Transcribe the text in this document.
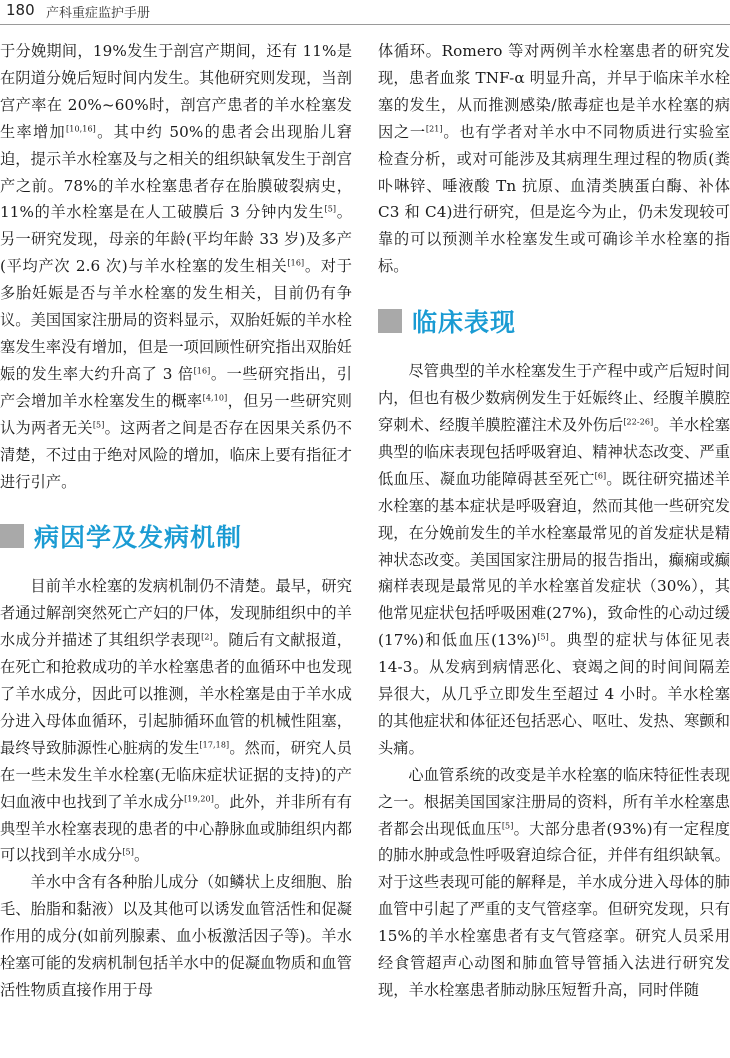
180 产科重症监护手册

于分娩期间，19%发生于剖宫产期间，还有 11%是在阴道分娩后短时间内发生。其他研究则发现，当剖宫产率在 20%~60%时，剖宫产患者的羊水栓塞发生率增加[10,16]。其中约 50%的患者会出现胎儿窘迫，提示羊水栓塞及与之相关的组织缺氧发生于剖宫产之前。78%的羊水栓塞患者存在胎膜破裂病史，11%的羊水栓塞是在人工破膜后 3 分钟内发生[5]。另一研究发现，母亲的年龄(平均年龄 33 岁)及多产(平均产次 2.6 次)与羊水栓塞的发生相关[16]。对于多胎妊娠是否与羊水栓塞的发生相关，目前仍有争议。美国国家注册局的资料显示，双胎妊娠的羊水栓塞发生率没有增加，但是一项回顾性研究指出双胎妊娠的发生率大约升高了 3 倍[16]。一些研究指出，引产会增加羊水栓塞发生的概率[4,10]，但另一些研究则认为两者无关[5]。这两者之间是否存在因果关系仍不清楚，不过由于绝对风险的增加，临床上要有指征才进行引产。

病因学及发病机制

目前羊水栓塞的发病机制仍不清楚。最早，研究者通过解剖突然死亡产妇的尸体，发现肺组织中的羊水成分并描述了其组织学表现[2]。随后有文献报道，在死亡和抢救成功的羊水栓塞患者的血循环中也发现了羊水成分，因此可以推测，羊水栓塞是由于羊水成分进入母体血循环，引起肺循环血管的机械性阻塞，最终导致肺源性心脏病的发生[17,18]。然而，研究人员在一些未发生羊水栓塞(无临床症状证据的支持)的产妇血液中也找到了羊水成分[19,20]。此外，并非所有有典型羊水栓塞表现的患者的中心静脉血或肺组织内都可以找到羊水成分[5]。

羊水中含有各种胎儿成分（如鳞状上皮细胞、胎毛、胎脂和黏液）以及其他可以诱发血管活性和促凝作用的成分(如前列腺素、血小板激活因子等)。羊水栓塞可能的发病机制包括羊水中的促凝血物质和血管活性物质直接作用于母

体循环。Romero 等对两例羊水栓塞患者的研究发现，患者血浆 TNF-α 明显升高，并早于临床羊水栓塞的发生，从而推测感染/脓毒症也是羊水栓塞的病因之一[21]。也有学者对羊水中不同物质进行实验室检查分析，或对可能涉及其病理生理过程的物质(粪卟啉锌、唾液酸 Tn 抗原、血清类胰蛋白酶、补体 C3 和 C4)进行研究，但是迄今为止，仍未发现较可靠的可以预测羊水栓塞发生或可确诊羊水栓塞的指标。

临床表现

尽管典型的羊水栓塞发生于产程中或产后短时间内，但也有极少数病例发生于妊娠终止、经腹羊膜腔穿刺术、经腹羊膜腔灌注术及外伤后[22-26]。羊水栓塞典型的临床表现包括呼吸窘迫、精神状态改变、严重低血压、凝血功能障碍甚至死亡[6]。既往研究描述羊水栓塞的基本症状是呼吸窘迫，然而其他一些研究发现，在分娩前发生的羊水栓塞最常见的首发症状是精神状态改变。美国国家注册局的报告指出，癫痫或癫痫样表现是最常见的羊水栓塞首发症状（30%），其他常见症状包括呼吸困难(27%)，致命性的心动过缓(17%)和低血压(13%)[5]。典型的症状与体征见表 14-3。从发病到病情恶化、衰竭之间的时间间隔差异很大，从几乎立即发生至超过 4 小时。羊水栓塞的其他症状和体征还包括恶心、呕吐、发热、寒颤和头痛。

心血管系统的改变是羊水栓塞的临床特征性表现之一。根据美国国家注册局的资料，所有羊水栓塞患者都会出现低血压[5]。大部分患者(93%)有一定程度的肺水肿或急性呼吸窘迫综合征，并伴有组织缺氧。对于这些表现可能的解释是，羊水成分进入母体的肺血管中引起了严重的支气管痉挛。但研究发现，只有 15%的羊水栓塞患者有支气管痉挛。研究人员采用经食管超声心动图和肺血管导管插入法进行研究发现，羊水栓塞患者肺动脉压短暂升高，同时伴随
